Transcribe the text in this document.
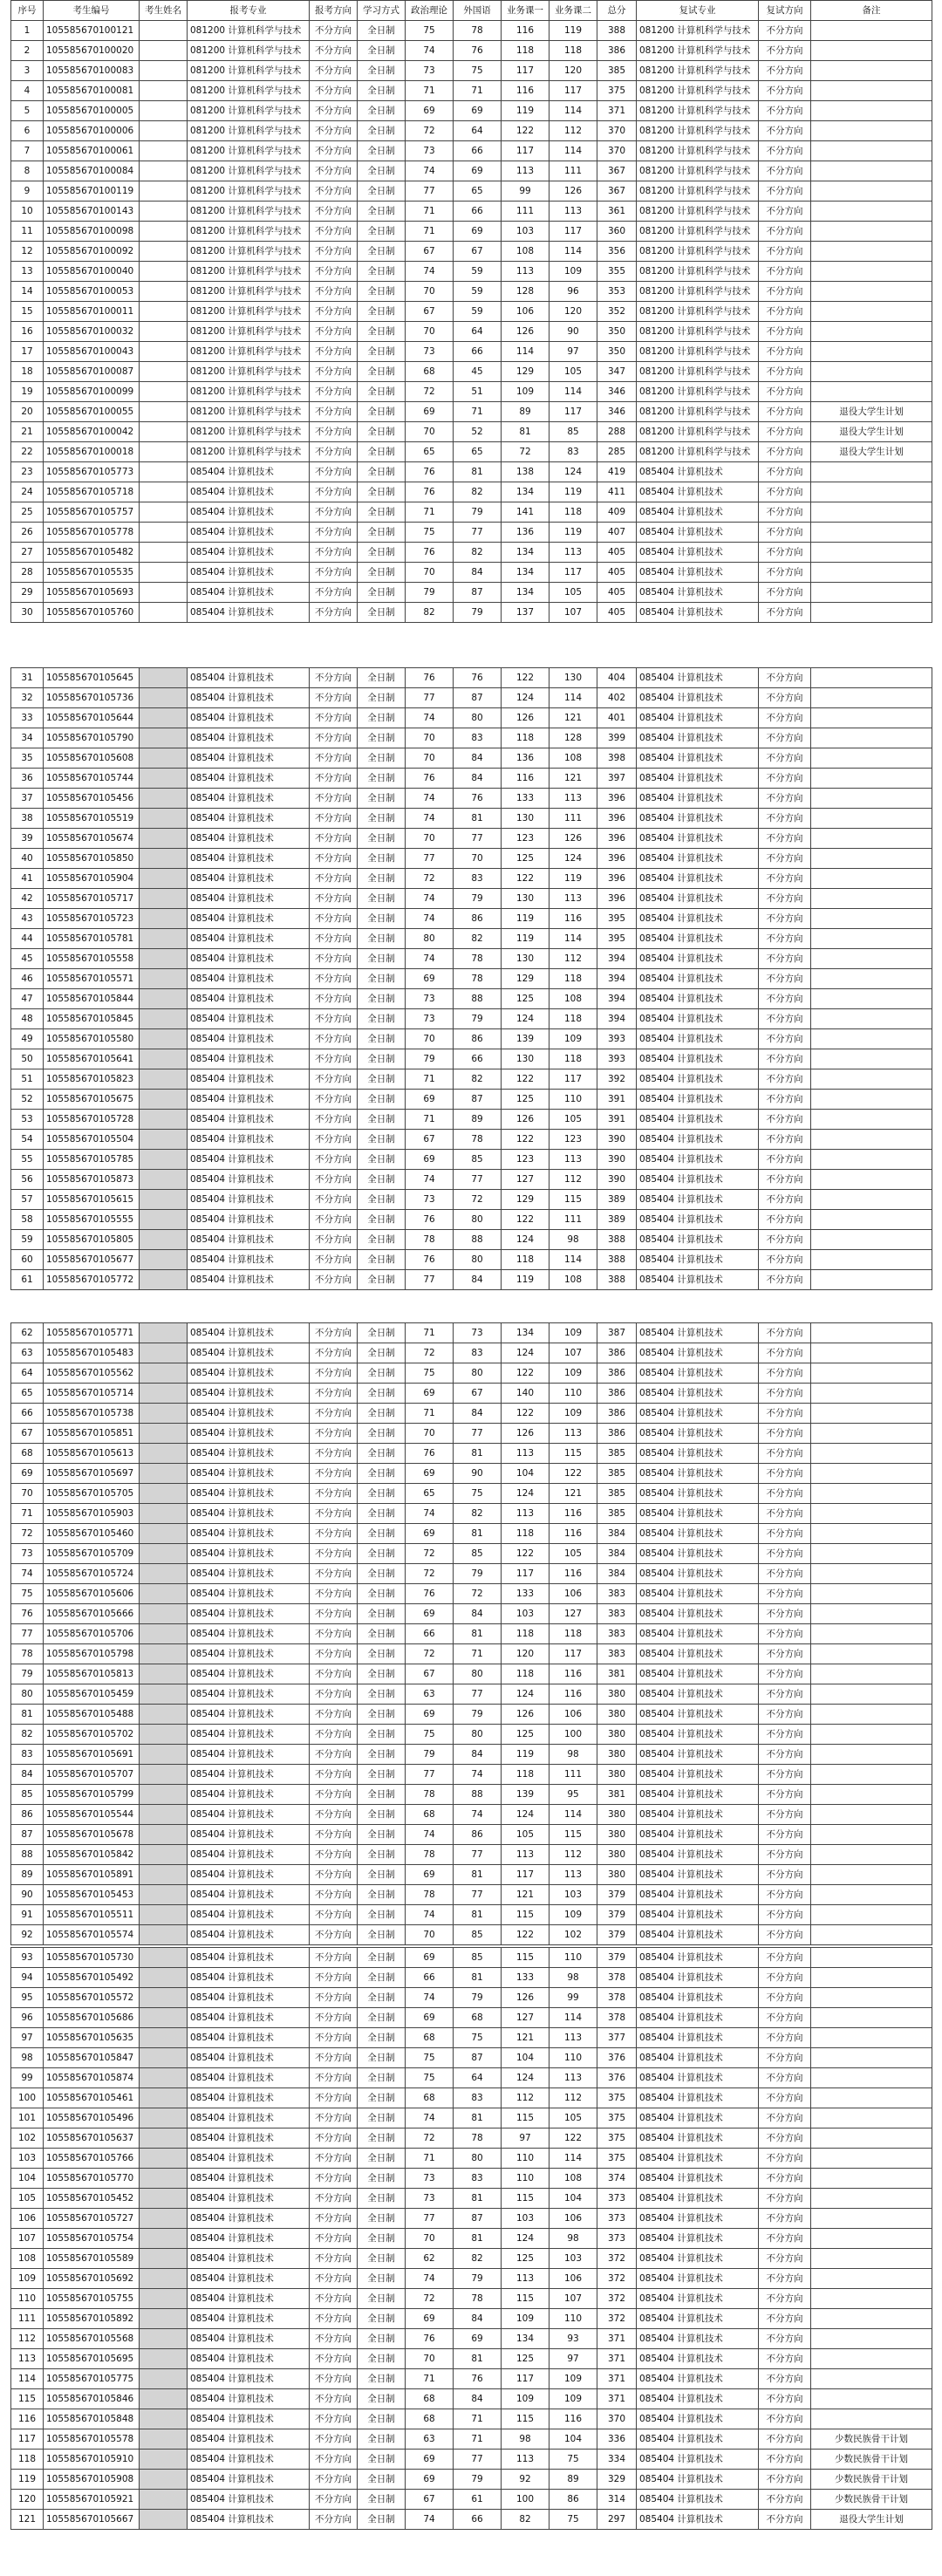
序号	考生编号	考生姓名	报考专业	报考方向	学习方式	政治理论	外国语	业务课一	业务课二	总分	复试专业	复试方向	备注
1	105585670100121		081200 计算机科学与技术	不分方向	全日制	75	78	116	119	388	081200 计算机科学与技术	不分方向	
2	105585670100020		081200 计算机科学与技术	不分方向	全日制	74	76	118	118	386	081200 计算机科学与技术	不分方向	
3	105585670100083		081200 计算机科学与技术	不分方向	全日制	73	75	117	120	385	081200 计算机科学与技术	不分方向	
4	105585670100081		081200 计算机科学与技术	不分方向	全日制	71	71	116	117	375	081200 计算机科学与技术	不分方向	
5	105585670100005		081200 计算机科学与技术	不分方向	全日制	69	69	119	114	371	081200 计算机科学与技术	不分方向	
6	105585670100006		081200 计算机科学与技术	不分方向	全日制	72	64	122	112	370	081200 计算机科学与技术	不分方向	
7	105585670100061		081200 计算机科学与技术	不分方向	全日制	73	66	117	114	370	081200 计算机科学与技术	不分方向	
8	105585670100084		081200 计算机科学与技术	不分方向	全日制	74	69	113	111	367	081200 计算机科学与技术	不分方向	
9	105585670100119		081200 计算机科学与技术	不分方向	全日制	77	65	99	126	367	081200 计算机科学与技术	不分方向	
10	105585670100143		081200 计算机科学与技术	不分方向	全日制	71	66	111	113	361	081200 计算机科学与技术	不分方向	
11	105585670100098		081200 计算机科学与技术	不分方向	全日制	71	69	103	117	360	081200 计算机科学与技术	不分方向	
12	105585670100092		081200 计算机科学与技术	不分方向	全日制	67	67	108	114	356	081200 计算机科学与技术	不分方向	
13	105585670100040		081200 计算机科学与技术	不分方向	全日制	74	59	113	109	355	081200 计算机科学与技术	不分方向	
14	105585670100053		081200 计算机科学与技术	不分方向	全日制	70	59	128	96	353	081200 计算机科学与技术	不分方向	
15	105585670100011		081200 计算机科学与技术	不分方向	全日制	67	59	106	120	352	081200 计算机科学与技术	不分方向	
16	105585670100032		081200 计算机科学与技术	不分方向	全日制	70	64	126	90	350	081200 计算机科学与技术	不分方向	
17	105585670100043		081200 计算机科学与技术	不分方向	全日制	73	66	114	97	350	081200 计算机科学与技术	不分方向	
18	105585670100087		081200 计算机科学与技术	不分方向	全日制	68	45	129	105	347	081200 计算机科学与技术	不分方向	
19	105585670100099		081200 计算机科学与技术	不分方向	全日制	72	51	109	114	346	081200 计算机科学与技术	不分方向	
20	105585670100055		081200 计算机科学与技术	不分方向	全日制	69	71	89	117	346	081200 计算机科学与技术	不分方向	退役大学生计划
21	105585670100042		081200 计算机科学与技术	不分方向	全日制	70	52	81	85	288	081200 计算机科学与技术	不分方向	退役大学生计划
22	105585670100018		081200 计算机科学与技术	不分方向	全日制	65	65	72	83	285	081200 计算机科学与技术	不分方向	退役大学生计划
23	105585670105773		085404 计算机技术	不分方向	全日制	76	81	138	124	419	085404 计算机技术	不分方向	
24	105585670105718		085404 计算机技术	不分方向	全日制	76	82	134	119	411	085404 计算机技术	不分方向	
25	105585670105757		085404 计算机技术	不分方向	全日制	71	79	141	118	409	085404 计算机技术	不分方向	
26	105585670105778		085404 计算机技术	不分方向	全日制	75	77	136	119	407	085404 计算机技术	不分方向	
27	105585670105482		085404 计算机技术	不分方向	全日制	76	82	134	113	405	085404 计算机技术	不分方向	
28	105585670105535		085404 计算机技术	不分方向	全日制	70	84	134	117	405	085404 计算机技术	不分方向	
29	105585670105693		085404 计算机技术	不分方向	全日制	79	87	134	105	405	085404 计算机技术	不分方向	
30	105585670105760		085404 计算机技术	不分方向	全日制	82	79	137	107	405	085404 计算机技术	不分方向	
31	105585670105645		085404 计算机技术	不分方向	全日制	76	76	122	130	404	085404 计算机技术	不分方向	
32	105585670105736		085404 计算机技术	不分方向	全日制	77	87	124	114	402	085404 计算机技术	不分方向	
33	105585670105644		085404 计算机技术	不分方向	全日制	74	80	126	121	401	085404 计算机技术	不分方向	
34	105585670105790		085404 计算机技术	不分方向	全日制	70	83	118	128	399	085404 计算机技术	不分方向	
35	105585670105608		085404 计算机技术	不分方向	全日制	70	84	136	108	398	085404 计算机技术	不分方向	
36	105585670105744		085404 计算机技术	不分方向	全日制	76	84	116	121	397	085404 计算机技术	不分方向	
37	105585670105456		085404 计算机技术	不分方向	全日制	74	76	133	113	396	085404 计算机技术	不分方向	
38	105585670105519		085404 计算机技术	不分方向	全日制	74	81	130	111	396	085404 计算机技术	不分方向	
39	105585670105674		085404 计算机技术	不分方向	全日制	70	77	123	126	396	085404 计算机技术	不分方向	
40	105585670105850		085404 计算机技术	不分方向	全日制	77	70	125	124	396	085404 计算机技术	不分方向	
41	105585670105904		085404 计算机技术	不分方向	全日制	72	83	122	119	396	085404 计算机技术	不分方向	
42	105585670105717		085404 计算机技术	不分方向	全日制	74	79	130	113	396	085404 计算机技术	不分方向	
43	105585670105723		085404 计算机技术	不分方向	全日制	74	86	119	116	395	085404 计算机技术	不分方向	
44	105585670105781		085404 计算机技术	不分方向	全日制	80	82	119	114	395	085404 计算机技术	不分方向	
45	105585670105558		085404 计算机技术	不分方向	全日制	74	78	130	112	394	085404 计算机技术	不分方向	
46	105585670105571		085404 计算机技术	不分方向	全日制	69	78	129	118	394	085404 计算机技术	不分方向	
47	105585670105844		085404 计算机技术	不分方向	全日制	73	88	125	108	394	085404 计算机技术	不分方向	
48	105585670105845		085404 计算机技术	不分方向	全日制	73	79	124	118	394	085404 计算机技术	不分方向	
49	105585670105580		085404 计算机技术	不分方向	全日制	70	86	139	109	393	085404 计算机技术	不分方向	
50	105585670105641		085404 计算机技术	不分方向	全日制	79	66	130	118	393	085404 计算机技术	不分方向	
51	105585670105823		085404 计算机技术	不分方向	全日制	71	82	122	117	392	085404 计算机技术	不分方向	
52	105585670105675		085404 计算机技术	不分方向	全日制	69	87	125	110	391	085404 计算机技术	不分方向	
53	105585670105728		085404 计算机技术	不分方向	全日制	71	89	126	105	391	085404 计算机技术	不分方向	
54	105585670105504		085404 计算机技术	不分方向	全日制	67	78	122	123	390	085404 计算机技术	不分方向	
55	105585670105785		085404 计算机技术	不分方向	全日制	69	85	123	113	390	085404 计算机技术	不分方向	
56	105585670105873		085404 计算机技术	不分方向	全日制	74	77	127	112	390	085404 计算机技术	不分方向	
57	105585670105615		085404 计算机技术	不分方向	全日制	73	72	129	115	389	085404 计算机技术	不分方向	
58	105585670105555		085404 计算机技术	不分方向	全日制	76	80	122	111	389	085404 计算机技术	不分方向	
59	105585670105805		085404 计算机技术	不分方向	全日制	78	88	124	98	388	085404 计算机技术	不分方向	
60	105585670105677		085404 计算机技术	不分方向	全日制	76	80	118	114	388	085404 计算机技术	不分方向	
61	105585670105772		085404 计算机技术	不分方向	全日制	77	84	119	108	388	085404 计算机技术	不分方向	
62	105585670105771		085404 计算机技术	不分方向	全日制	71	73	134	109	387	085404 计算机技术	不分方向	
63	105585670105483		085404 计算机技术	不分方向	全日制	72	83	124	107	386	085404 计算机技术	不分方向	
64	105585670105562		085404 计算机技术	不分方向	全日制	75	80	122	109	386	085404 计算机技术	不分方向	
65	105585670105714		085404 计算机技术	不分方向	全日制	69	67	140	110	386	085404 计算机技术	不分方向	
66	105585670105738		085404 计算机技术	不分方向	全日制	71	84	122	109	386	085404 计算机技术	不分方向	
67	105585670105851		085404 计算机技术	不分方向	全日制	70	77	126	113	386	085404 计算机技术	不分方向	
68	105585670105613		085404 计算机技术	不分方向	全日制	76	81	113	115	385	085404 计算机技术	不分方向	
69	105585670105697		085404 计算机技术	不分方向	全日制	69	90	104	122	385	085404 计算机技术	不分方向	
70	105585670105705		085404 计算机技术	不分方向	全日制	65	75	124	121	385	085404 计算机技术	不分方向	
71	105585670105903		085404 计算机技术	不分方向	全日制	74	82	113	116	385	085404 计算机技术	不分方向	
72	105585670105460		085404 计算机技术	不分方向	全日制	69	81	118	116	384	085404 计算机技术	不分方向	
73	105585670105709		085404 计算机技术	不分方向	全日制	72	85	122	105	384	085404 计算机技术	不分方向	
74	105585670105724		085404 计算机技术	不分方向	全日制	72	79	117	116	384	085404 计算机技术	不分方向	
75	105585670105606		085404 计算机技术	不分方向	全日制	76	72	133	106	383	085404 计算机技术	不分方向	
76	105585670105666		085404 计算机技术	不分方向	全日制	69	84	103	127	383	085404 计算机技术	不分方向	
77	105585670105706		085404 计算机技术	不分方向	全日制	66	81	118	118	383	085404 计算机技术	不分方向	
78	105585670105798		085404 计算机技术	不分方向	全日制	72	71	120	117	383	085404 计算机技术	不分方向	
79	105585670105813		085404 计算机技术	不分方向	全日制	67	80	118	116	381	085404 计算机技术	不分方向	
80	105585670105459		085404 计算机技术	不分方向	全日制	63	77	124	116	380	085404 计算机技术	不分方向	
81	105585670105488		085404 计算机技术	不分方向	全日制	69	79	126	106	380	085404 计算机技术	不分方向	
82	105585670105702		085404 计算机技术	不分方向	全日制	75	80	125	100	380	085404 计算机技术	不分方向	
83	105585670105691		085404 计算机技术	不分方向	全日制	79	84	119	98	380	085404 计算机技术	不分方向	
84	105585670105707		085404 计算机技术	不分方向	全日制	77	74	118	111	380	085404 计算机技术	不分方向	
85	105585670105799		085404 计算机技术	不分方向	全日制	78	88	139	95	381	085404 计算机技术	不分方向	
86	105585670105544		085404 计算机技术	不分方向	全日制	68	74	124	114	380	085404 计算机技术	不分方向	
87	105585670105678		085404 计算机技术	不分方向	全日制	74	86	105	115	380	085404 计算机技术	不分方向	
88	105585670105842		085404 计算机技术	不分方向	全日制	78	77	113	112	380	085404 计算机技术	不分方向	
89	105585670105891		085404 计算机技术	不分方向	全日制	69	81	117	113	380	085404 计算机技术	不分方向	
90	105585670105453		085404 计算机技术	不分方向	全日制	78	77	121	103	379	085404 计算机技术	不分方向	
91	105585670105511		085404 计算机技术	不分方向	全日制	74	81	115	109	379	085404 计算机技术	不分方向	
92	105585670105574		085404 计算机技术	不分方向	全日制	70	85	122	102	379	085404 计算机技术	不分方向	
93	105585670105730		085404 计算机技术	不分方向	全日制	69	85	115	110	379	085404 计算机技术	不分方向	
94	105585670105492		085404 计算机技术	不分方向	全日制	66	81	133	98	378	085404 计算机技术	不分方向	
95	105585670105572		085404 计算机技术	不分方向	全日制	74	79	126	99	378	085404 计算机技术	不分方向	
96	105585670105686		085404 计算机技术	不分方向	全日制	69	68	127	114	378	085404 计算机技术	不分方向	
97	105585670105635		085404 计算机技术	不分方向	全日制	68	75	121	113	377	085404 计算机技术	不分方向	
98	105585670105847		085404 计算机技术	不分方向	全日制	75	87	104	110	376	085404 计算机技术	不分方向	
99	105585670105874		085404 计算机技术	不分方向	全日制	75	64	124	113	376	085404 计算机技术	不分方向	
100	105585670105461		085404 计算机技术	不分方向	全日制	68	83	112	112	375	085404 计算机技术	不分方向	
101	105585670105496		085404 计算机技术	不分方向	全日制	74	81	115	105	375	085404 计算机技术	不分方向	
102	105585670105637		085404 计算机技术	不分方向	全日制	72	78	97	122	375	085404 计算机技术	不分方向	
103	105585670105766		085404 计算机技术	不分方向	全日制	71	80	110	114	375	085404 计算机技术	不分方向	
104	105585670105770		085404 计算机技术	不分方向	全日制	73	83	110	108	374	085404 计算机技术	不分方向	
105	105585670105452		085404 计算机技术	不分方向	全日制	73	81	115	104	373	085404 计算机技术	不分方向	
106	105585670105727		085404 计算机技术	不分方向	全日制	77	87	103	106	373	085404 计算机技术	不分方向	
107	105585670105754		085404 计算机技术	不分方向	全日制	70	81	124	98	373	085404 计算机技术	不分方向	
108	105585670105589		085404 计算机技术	不分方向	全日制	62	82	125	103	372	085404 计算机技术	不分方向	
109	105585670105692		085404 计算机技术	不分方向	全日制	74	79	113	106	372	085404 计算机技术	不分方向	
110	105585670105755		085404 计算机技术	不分方向	全日制	72	78	115	107	372	085404 计算机技术	不分方向	
111	105585670105892		085404 计算机技术	不分方向	全日制	69	84	109	110	372	085404 计算机技术	不分方向	
112	105585670105568		085404 计算机技术	不分方向	全日制	76	69	134	93	371	085404 计算机技术	不分方向	
113	105585670105695		085404 计算机技术	不分方向	全日制	70	81	125	97	371	085404 计算机技术	不分方向	
114	105585670105775		085404 计算机技术	不分方向	全日制	71	76	117	109	371	085404 计算机技术	不分方向	
115	105585670105846		085404 计算机技术	不分方向	全日制	68	84	109	109	371	085404 计算机技术	不分方向	
116	105585670105848		085404 计算机技术	不分方向	全日制	68	71	115	116	370	085404 计算机技术	不分方向	
117	105585670105578		085404 计算机技术	不分方向	全日制	63	71	98	104	336	085404 计算机技术	不分方向	少数民族骨干计划
118	105585670105910		085404 计算机技术	不分方向	全日制	69	77	113	75	334	085404 计算机技术	不分方向	少数民族骨干计划
119	105585670105908		085404 计算机技术	不分方向	全日制	69	79	92	89	329	085404 计算机技术	不分方向	少数民族骨干计划
120	105585670105921		085404 计算机技术	不分方向	全日制	67	61	100	86	314	085404 计算机技术	不分方向	少数民族骨干计划
121	105585670105667		085404 计算机技术	不分方向	全日制	74	66	82	75	297	085404 计算机技术	不分方向	退役大学生计划
